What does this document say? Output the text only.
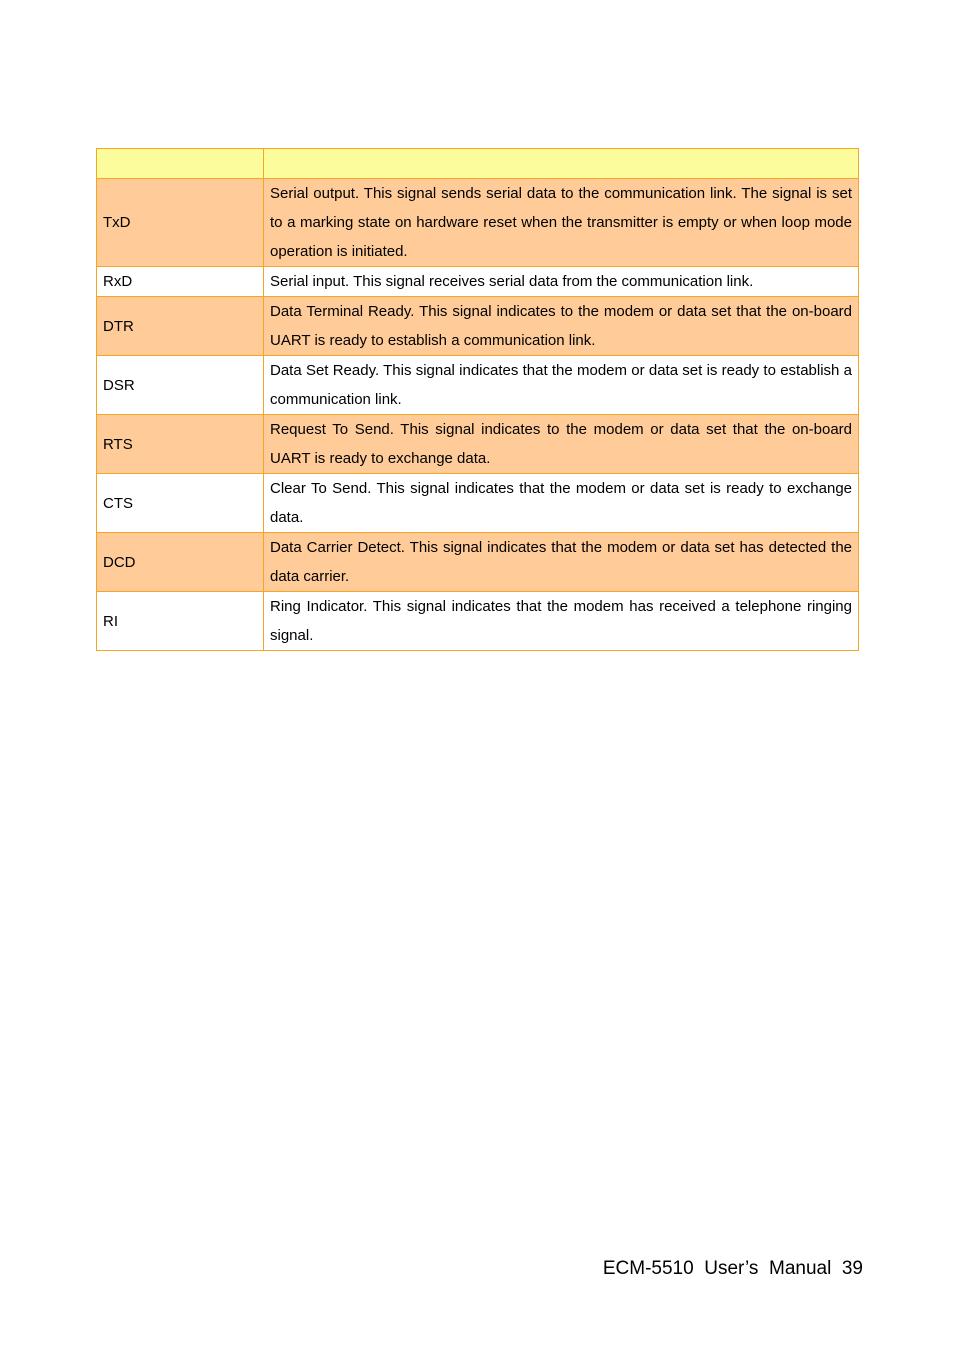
TxD	Serial output. This signal sends serial data to the communication link. The signal is set to a marking state on hardware reset when the transmitter is empty or when loop mode operation is initiated.
RxD	Serial input. This signal receives serial data from the communication link.
DTR	Data Terminal Ready. This signal indicates to the modem or data set that the on-board UART is ready to establish a communication link.
DSR	Data Set Ready. This signal indicates that the modem or data set is ready to establish a communication link.
RTS	Request To Send. This signal indicates to the modem or data set that the on-board UART is ready to exchange data.
CTS	Clear To Send. This signal indicates that the modem or data set is ready to exchange data.
DCD	Data Carrier Detect. This signal indicates that the modem or data set has detected the data carrier.
RI	Ring Indicator. This signal indicates that the modem has received a telephone ringing signal.
ECM-5510  User’s  Manual  39
